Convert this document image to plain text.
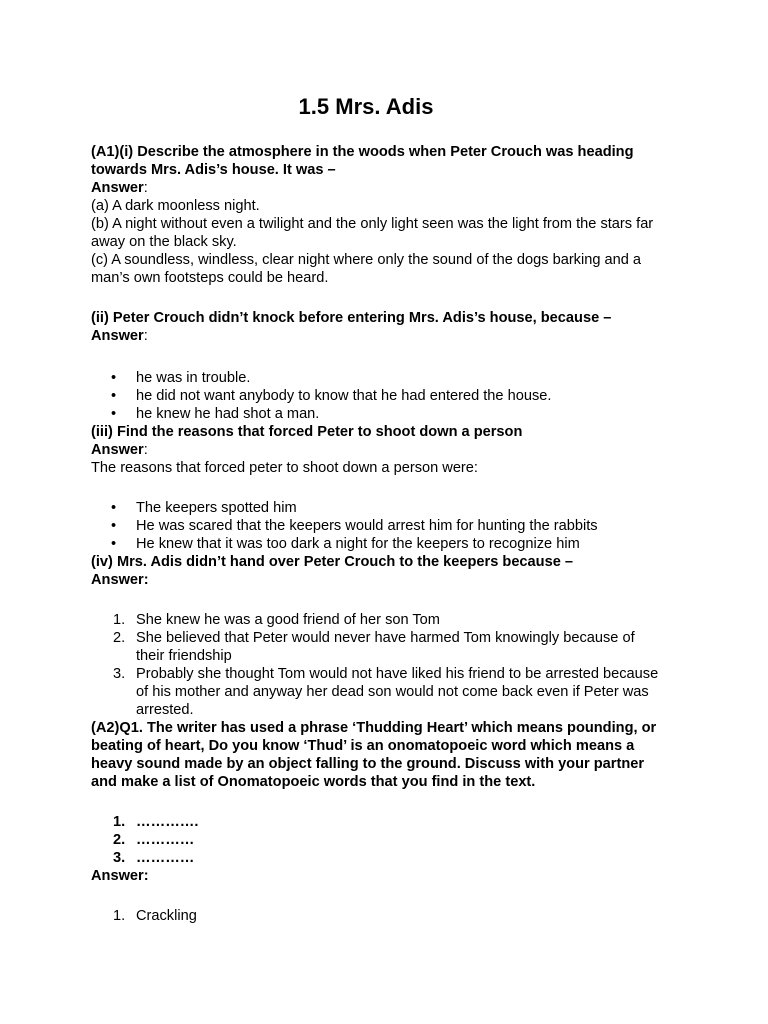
1.5 Mrs. Adis

(A1)(i) Describe the atmosphere in the woods when Peter Crouch was heading

towards Mrs. Adis’s house. It was –

Answer:

(a) A dark moonless night.

(b) A night without even a twilight and the only light seen was the light from the stars far

away on the black sky.

(c) A soundless, windless, clear night where only the sound of the dogs barking and a

man’s own footsteps could be heard.

(ii) Peter Crouch didn’t knock before entering Mrs. Adis’s house, because –

Answer:

• he was in trouble.
• he did not want anybody to know that he had entered the house.
• he knew he had shot a man.

(iii) Find the reasons that forced Peter to shoot down a person

Answer:

The reasons that forced peter to shoot down a person were:

• The keepers spotted him
• He was scared that the keepers would arrest him for hunting the rabbits
• He knew that it was too dark a night for the keepers to recognize him

(iv) Mrs. Adis didn’t hand over Peter Crouch to the keepers because –

Answer:

1. She knew he was a good friend of her son Tom
2. She believed that Peter would never have harmed Tom knowingly because of
their friendship
3. Probably she thought Tom would not have liked his friend to be arrested because
of his mother and anyway her dead son would not come back even if Peter was
arrested.

(A2)Q1. The writer has used a phrase ‘Thudding Heart’ which means pounding, or

beating of heart, Do you know ‘Thud’ is an onomatopoeic word which means a

heavy sound made by an object falling to the ground. Discuss with your partner

and make a list of Onomatopoeic words that you find in the text.

1. ………….
2. …………
3. …………

Answer:

1. Crackling
